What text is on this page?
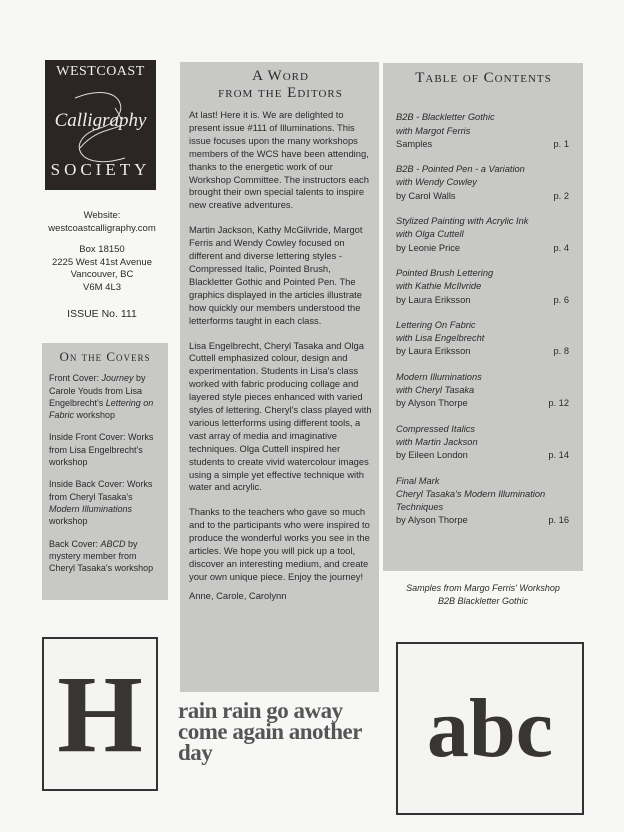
WESTCOAST
Calligraphy
SOCIETY

Website:
westcoastcalligraphy.com

Box 18150
2225 West 41st Avenue
Vancouver, BC
V6M 4L3

ISSUE No. 111

On the Covers

Front Cover: Journey by Carole Youds from Lisa Engelbrecht's Lettering on Fabric workshop

Inside Front Cover: Works from Lisa Engelbrecht's workshop

Inside Back Cover: Works from Cheryl Tasaka's Modern Illuminations workshop

Back Cover: ABCD by mystery member from Cheryl Tasaka's workshop

A Word
from the Editors

At last! Here it is. We are delighted to present issue #111 of Illuminations. This issue focuses upon the many workshops members of the WCS have been attending, thanks to the energetic work of our Workshop Committee. The instructors each brought their own special talents to inspire new creative adventures.

Martin Jackson, Kathy McGilvride, Margot Ferris and Wendy Cowley focused on different and diverse lettering styles - Compressed Italic, Pointed Brush, Blackletter Gothic and Pointed Pen. The graphics displayed in the articles illustrate how quickly our members understood the letterforms taught in each class.

Lisa Engelbrecht, Cheryl Tasaka and Olga Cuttell emphasized colour, design and experimentation. Students in Lisa's class worked with fabric producing collage and layered style pieces enhanced with varied styles of lettering. Cheryl's class played with various letterforms using different tools, a vast array of media and imaginative techniques. Olga Cuttell inspired her students to create vivid watercolour images using a simple yet effective technique with water and acrylic.

Thanks to the teachers who gave so much and to the participants who were inspired to produce the wonderful works you see in the articles. We hope you will pick up a tool, discover an interesting medium, and create your own unique piece. Enjoy the journey!

Anne, Carole, Carolynn

Table of Contents
B2B - Blackletter Gothic
with Margot Ferris
Samples	p. 1
B2B - Pointed Pen - a Variation
with Wendy Cowley
by Carol Walls	p. 2
Stylized Painting with Acrylic Ink
with Olga Cuttell
by Leonie Price	p. 4
Pointed Brush Lettering
with Kathie McIlvride
by Laura Eriksson	p. 6
Lettering On Fabric
with Lisa Engelbrecht
by Laura Eriksson	p. 8
Modern Illuminations
with Cheryl Tasaka
by Alyson Thorpe	p. 12
Compressed Italics
with Martin Jackson
by Eileen London	p. 14
Final Mark
Cheryl Tasaka's Modern Illumination Techniques
by Alyson Thorpe	p. 16
Samples from Margo Ferris' Workshop
B2B Blackletter Gothic
H	rain rain go away
come again another
day	abc
